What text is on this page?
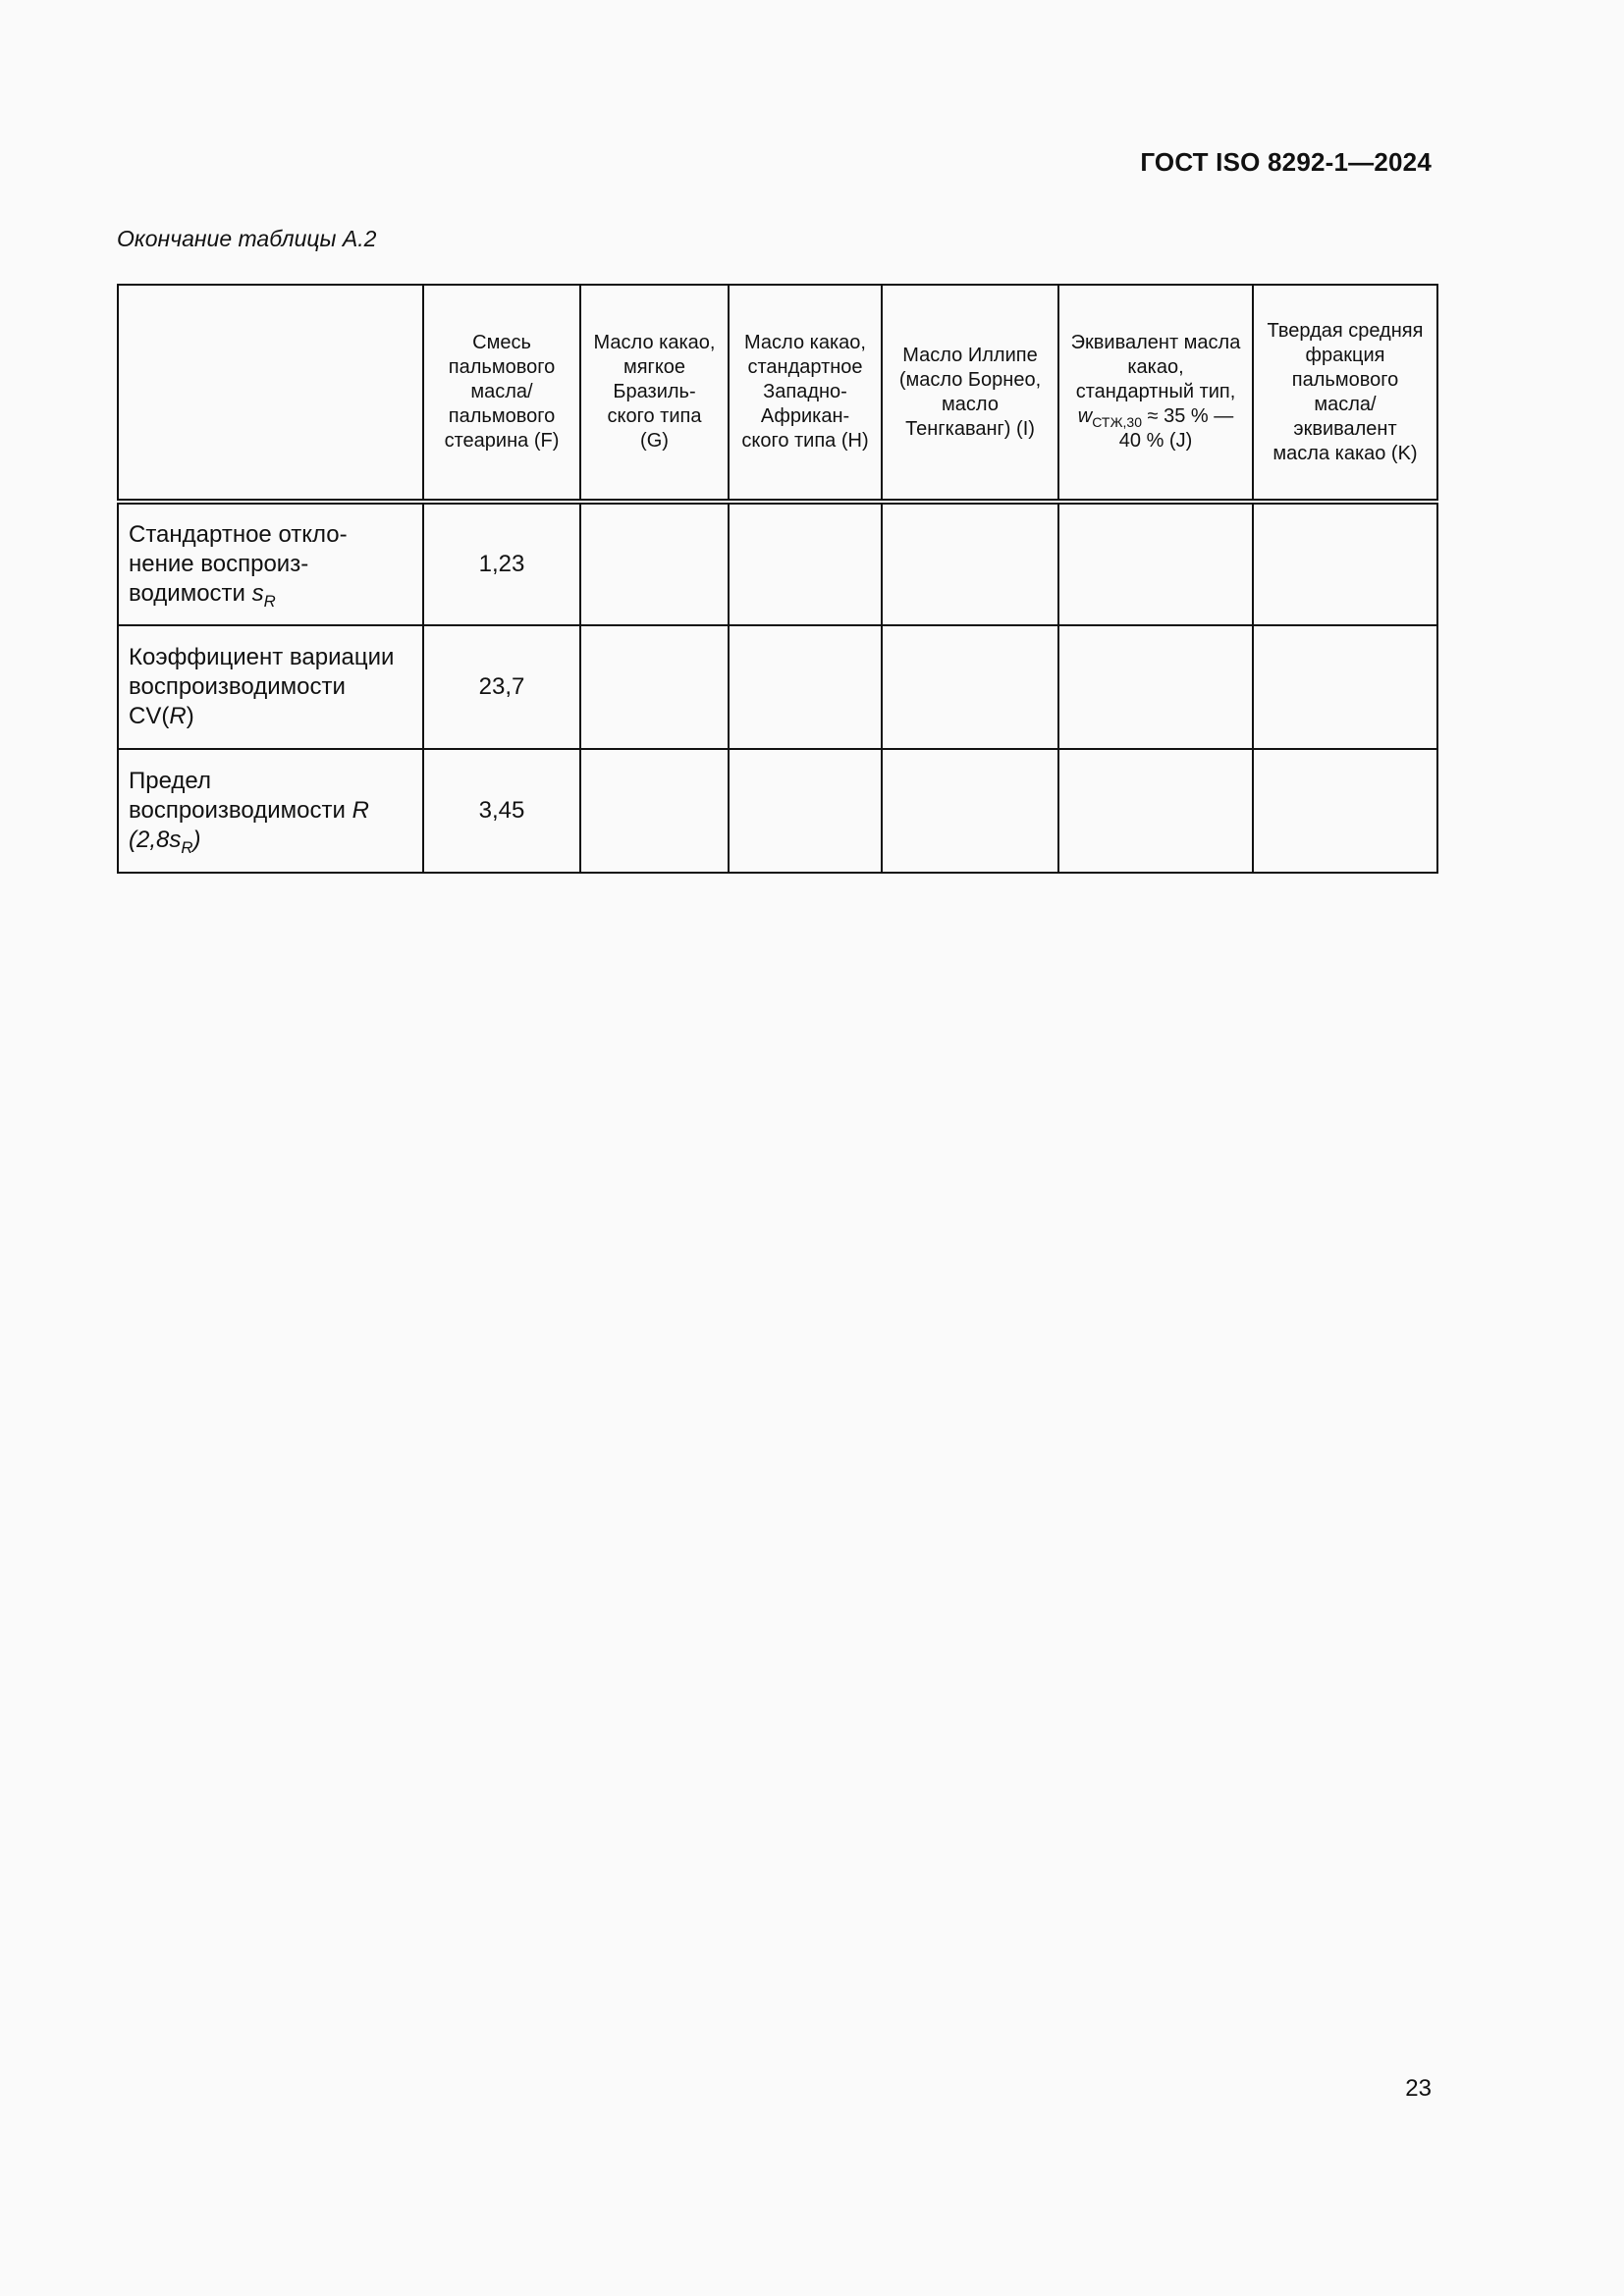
ГОСТ ISO 8292-1—2024
Окончание таблицы А.2
	Смесь пальмового масла/ пальмового стеарина (F)	Масло какао, мягкое Бразиль-ского типа (G)	Масло какао, стандартное Западно-Африкан-ского типа (H)	Масло Иллипе (масло Борнео, масло Тенгкаванг) (I)	Эквивалент масла какао, стандартный тип, $w_{СТЖ,30} \approx 35$ % — 40 % (J)	Твердая средняя фракция пальмового масла/ эквивалент масла какао (K)
Стандартное откло-нение воспроиз-водимости $s_R$	1,23					
Коэффициент вариации воспроизводимости CV(R)	23,7					
Предел воспроизводимости R $(2,8s_R)$	3,45					
23
